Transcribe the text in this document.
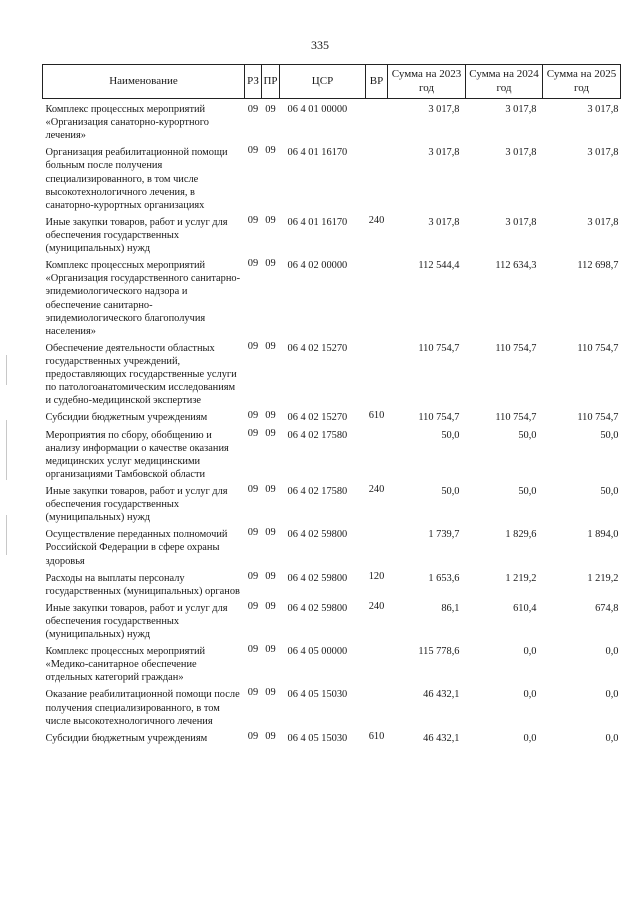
335
Наименование	РЗ	ПР	ЦСР	ВР	Сумма на 2023 год	Сумма на 2024 год	Сумма на 2025 год
Комплекс процессных мероприятий «Организация санаторно-курортного лечения»	09	09	06 4 01 00000		3 017,8	3 017,8	3 017,8
Организация реабилитационной помощи больным после получения специализированного, в том числе высокотехнологичного лечения, в санаторно-курортных организациях	09	09	06 4 01 16170		3 017,8	3 017,8	3 017,8
Иные закупки товаров, работ и услуг для обеспечения государственных (муниципальных) нужд	09	09	06 4 01 16170	240	3 017,8	3 017,8	3 017,8
Комплекс процессных мероприятий «Организация государственного санитарно-эпидемиологического надзора и обеспечение санитарно-эпидемиологического благополучия населения»	09	09	06 4 02 00000		112 544,4	112 634,3	112 698,7
Обеспечение деятельности областных государственных учреждений, предоставляющих государственные услуги по патологоанатомическим исследованиям и судебно-медицинской экспертизе	09	09	06 4 02 15270		110 754,7	110 754,7	110 754,7
Субсидии бюджетным учреждениям	09	09	06 4 02 15270	610	110 754,7	110 754,7	110 754,7
Мероприятия по сбору, обобщению и анализу информации о качестве оказания медицинских услуг медицинскими организациями Тамбовской области	09	09	06 4 02 17580		50,0	50,0	50,0
Иные закупки товаров, работ и услуг для обеспечения государственных (муниципальных) нужд	09	09	06 4 02 17580	240	50,0	50,0	50,0
Осуществление переданных полномочий Российской Федерации в сфере охраны здоровья	09	09	06 4 02 59800		1 739,7	1 829,6	1 894,0
Расходы на выплаты персоналу государственных (муниципальных) органов	09	09	06 4 02 59800	120	1 653,6	1 219,2	1 219,2
Иные закупки товаров, работ и услуг для обеспечения государственных (муниципальных) нужд	09	09	06 4 02 59800	240	86,1	610,4	674,8
Комплекс процессных мероприятий «Медико-санитарное обеспечение отдельных категорий граждан»	09	09	06 4 05 00000		115 778,6	0,0	0,0
Оказание реабилитационной помощи после получения специализированного, в том числе высокотехнологичного лечения	09	09	06 4 05 15030		46 432,1	0,0	0,0
Субсидии бюджетным учреждениям	09	09	06 4 05 15030	610	46 432,1	0,0	0,0
